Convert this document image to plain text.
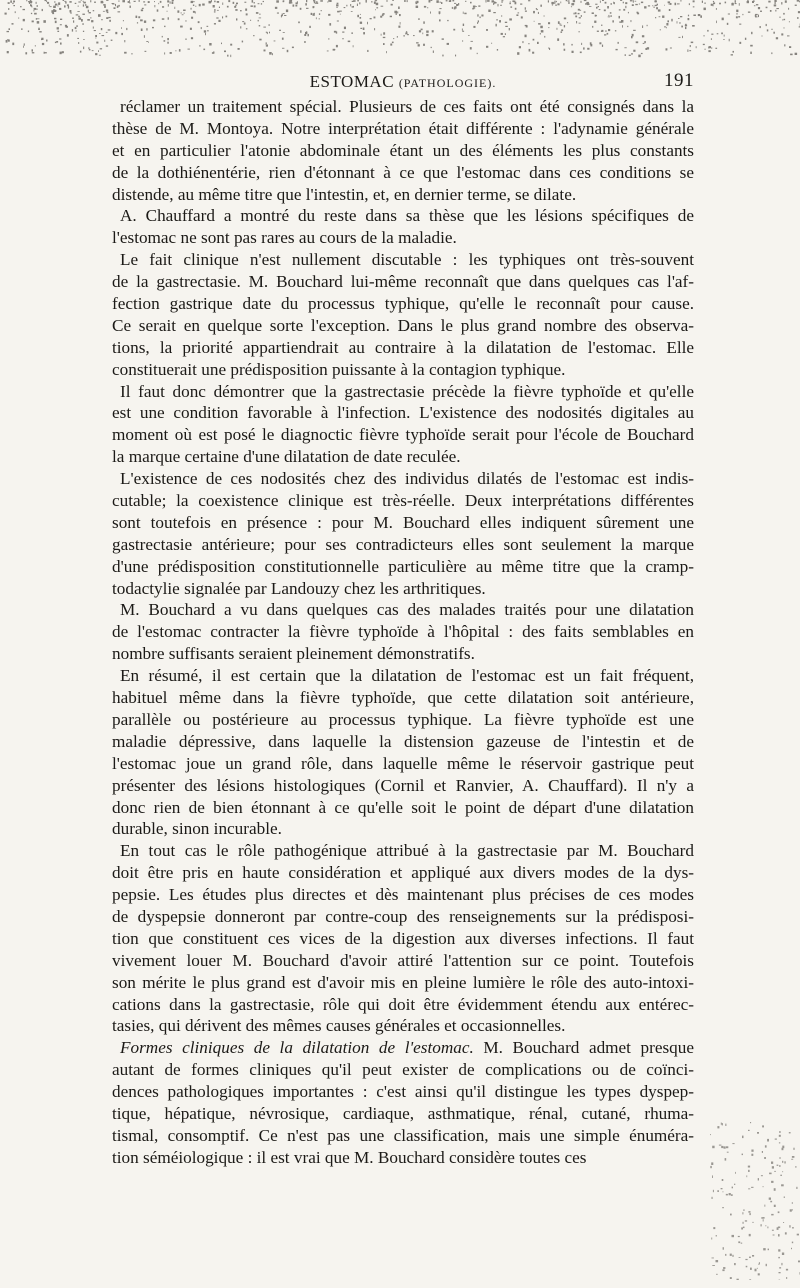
ESTOMAC (PATHOLOGIE).	191

réclamer un traitement spécial. Plusieurs de ces faits ont été consignés dans la
thèse de M. Montoya. Notre interprétation était différente : l'adynamie générale
et en particulier l'atonie abdominale étant un des éléments les plus constants
de la dothiénentérie, rien d'étonnant à ce que l'estomac dans ces conditions se
distende, au même titre que l'intestin, et, en dernier terme, se dilate.

A. Chauffard a montré du reste dans sa thèse que les lésions spécifiques de
l'estomac ne sont pas rares au cours de la maladie.

Le fait clinique n'est nullement discutable : les typhiques ont très-souvent
de la gastrectasie. M. Bouchard lui-même reconnaît que dans quelques cas l'af-
fection gastrique date du processus typhique, qu'elle le reconnaît pour cause.
Ce serait en quelque sorte l'exception. Dans le plus grand nombre des observa-
tions, la priorité appartiendrait au contraire à la dilatation de l'estomac. Elle
constituerait une prédisposition puissante à la contagion typhique.

Il faut donc démontrer que la gastrectasie précède la fièvre typhoïde et qu'elle
est une condition favorable à l'infection. L'existence des nodosités digitales au
moment où est posé le diagnoctic fièvre typhoïde serait pour l'école de Bouchard
la marque certaine d'une dilatation de date reculée.

L'existence de ces nodosités chez des individus dilatés de l'estomac est indis-
cutable; la coexistence clinique est très-réelle. Deux interprétations différentes
sont toutefois en présence : pour M. Bouchard elles indiquent sûrement une
gastrectasie antérieure; pour ses contradicteurs elles sont seulement la marque
d'une prédisposition constitutionnelle particulière au même titre que la cramp-
todactylie signalée par Landouzy chez les arthritiques.

M. Bouchard a vu dans quelques cas des malades traités pour une dilatation
de l'estomac contracter la fièvre typhoïde à l'hôpital : des faits semblables en
nombre suffisants seraient pleinement démonstratifs.

En résumé, il est certain que la dilatation de l'estomac est un fait fréquent,
habituel même dans la fièvre typhoïde, que cette dilatation soit antérieure,
parallèle ou postérieure au processus typhique. La fièvre typhoïde est une
maladie dépressive, dans laquelle la distension gazeuse de l'intestin et de
l'estomac joue un grand rôle, dans laquelle même le réservoir gastrique peut
présenter des lésions histologiques (Cornil et Ranvier, A. Chauffard). Il n'y a
donc rien de bien étonnant à ce qu'elle soit le point de départ d'une dilatation
durable, sinon incurable.

En tout cas le rôle pathogénique attribué à la gastrectasie par M. Bouchard
doit être pris en haute considération et appliqué aux divers modes de la dys-
pepsie. Les études plus directes et dès maintenant plus précises de ces modes
de dyspepsie donneront par contre-coup des renseignements sur la prédisposi-
tion que constituent ces vices de la digestion aux diverses infections. Il faut
vivement louer M. Bouchard d'avoir attiré l'attention sur ce point. Toutefois
son mérite le plus grand est d'avoir mis en pleine lumière le rôle des auto-intoxi-
cations dans la gastrectasie, rôle qui doit être évidemment étendu aux entérec-
tasies, qui dérivent des mêmes causes générales et occasionnelles.

Formes cliniques de la dilatation de l'estomac. M. Bouchard admet presque
autant de formes cliniques qu'il peut exister de complications ou de coïnci-
dences pathologiques importantes : c'est ainsi qu'il distingue les types dyspep-
tique, hépatique, névrosique, cardiaque, asthmatique, rénal, cutané, rhuma-
tismal, consomptif. Ce n'est pas une classification, mais une simple énuméra-
tion séméiologique : il est vrai que M. Bouchard considère toutes ces
